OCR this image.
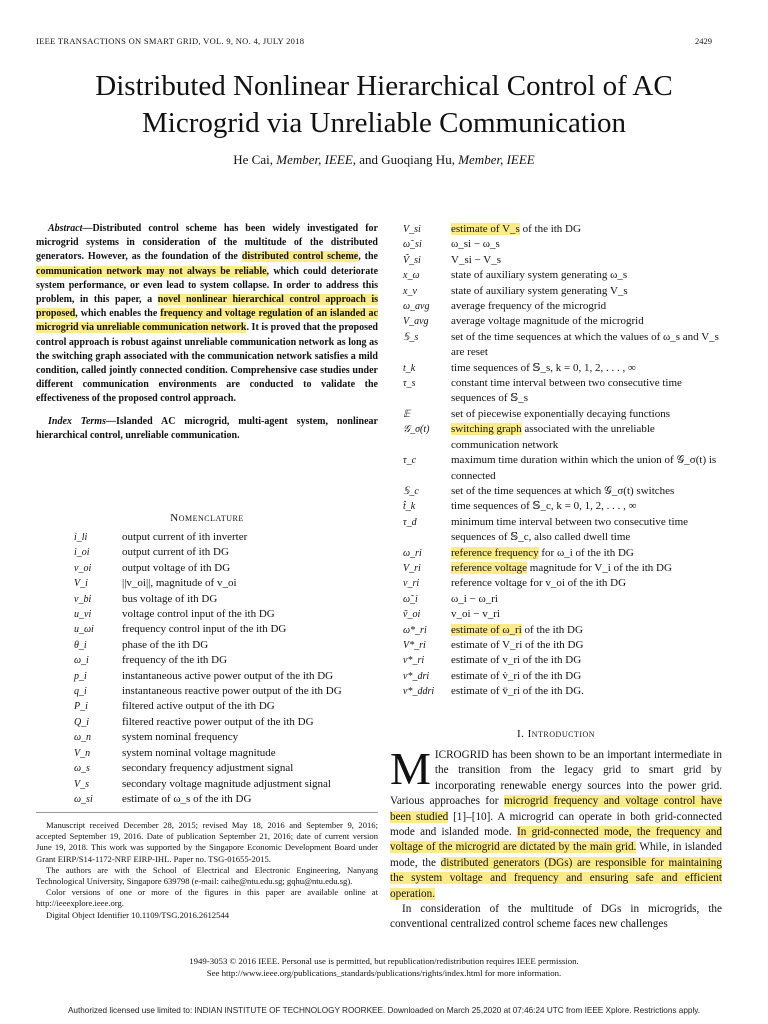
IEEE TRANSACTIONS ON SMART GRID, VOL. 9, NO. 4, JULY 2018	2429
Distributed Nonlinear Hierarchical Control of AC
Microgrid via Unreliable Communication
He Cai, Member, IEEE, and Guoqiang Hu, Member, IEEE

Abstract—Distributed control scheme has been widely investigated for microgrid systems in consideration of the multitude of the distributed generators. However, as the foundation of the distributed control scheme, the communication network may not always be reliable, which could deteriorate system performance, or even lead to system collapse. In order to address this problem, in this paper, a novel nonlinear hierarchical control approach is proposed, which enables the frequency and voltage regulation of an islanded ac microgrid via unreliable communication network. It is proved that the proposed control approach is robust against unreliable communication network as long as the switching graph associated with the communication network satisfies a mild condition, called jointly connected condition. Comprehensive case studies under different communication environments are conducted to validate the effectiveness of the proposed control approach.

Index Terms—Islanded AC microgrid, multi-agent system, nonlinear hierarchical control, unreliable communication.

Nomenclature
i_li	output current of ith inverter
i_oi	output current of ith DG
v_oi	output voltage of ith DG
V_i	||v_oi||, magnitude of v_oi
v_bi	bus voltage of ith DG
u_vi	voltage control input of the ith DG
u_ωi	frequency control input of the ith DG
θ_i	phase of the ith DG
ω_i	frequency of the ith DG
p_i	instantaneous active power output of the ith DG
q_i	instantaneous reactive power output of the ith DG
P_i	filtered active output of the ith DG
Q_i	filtered reactive power output of the ith DG
ω_n	system nominal frequency
V_n	system nominal voltage magnitude
ω_s	secondary frequency adjustment signal
V_s	secondary voltage magnitude adjustment signal
ω_si	estimate of ω_s of the ith DG
V_si	estimate of V_s of the ith DG
ω̃_si	ω_si − ω_s
Ṽ_si	V_si − V_s
x_ω	state of auxiliary system generating ω_s
x_v	state of auxiliary system generating V_s
ω_avg	average frequency of the microgrid
V_avg	average voltage magnitude of the microgrid
𝕊_s	set of the time sequences at which the values of ω_s and V_s are reset
t_k	time sequences of 𝕊_s, k = 0, 1, 2, . . . , ∞
τ_s	constant time interval between two consecutive time sequences of 𝕊_s
𝔼	set of piecewise exponentially decaying functions
𝒢_σ(t)	switching graph associated with the unreliable communication network
τ_c	maximum time duration within which the union of 𝒢_σ(t) is connected
𝕊_c	set of the time sequences at which 𝒢_σ(t) switches
t̂_k	time sequences of 𝕊_c, k = 0, 1, 2, . . . , ∞
τ_d	minimum time interval between two consecutive time sequences of 𝕊_c, also called dwell time
ω_ri	reference frequency for ω_i of the ith DG
V_ri	reference voltage magnitude for V_i of the ith DG
v_ri	reference voltage for v_oi of the ith DG
ω̃_i	ω_i − ω_ri
ṽ_oi	v_oi − v_ri
ω*_ri	estimate of ω_ri of the ith DG
V*_ri	estimate of V_ri of the ith DG
v*_ri	estimate of v_ri of the ith DG
v*_dri	estimate of v̇_ri of the ith DG
v*_ddri	estimate of v̈_ri of the ith DG.

Manuscript received December 28, 2015; revised May 18, 2016 and September 9, 2016; accepted September 19, 2016. Date of publication September 21, 2016; date of current version June 19, 2018. This work was supported by the Singapore Economic Development Board under Grant EIRP/S14-1172-NRF EIRP-IHL. Paper no. TSG-01655-2015.

The authors are with the School of Electrical and Electronic Engineering, Nanyang Technological University, Singapore 639798 (e-mail: caihe@ntu.edu.sg; gqhu@ntu.edu.sg).

Color versions of one or more of the figures in this paper are available online at http://ieeexplore.ieee.org.

Digital Object Identifier 10.1109/TSG.2016.2612544

I. Introduction

MICROGRID has been shown to be an important intermediate in the transition from the legacy grid to smart grid by incorporating renewable energy sources into the power grid. Various approaches for microgrid frequency and voltage control have been studied [1]–[10]. A microgrid can operate in both grid-connected mode and islanded mode. In grid-connected mode, the frequency and voltage of the microgrid are dictated by the main grid. While, in islanded mode, the distributed generators (DGs) are responsible for maintaining the system voltage and frequency and ensuring safe and efficient operation.

In consideration of the multitude of DGs in microgrids, the conventional centralized control scheme faces new challenges

1949-3053 © 2016 IEEE. Personal use is permitted, but republication/redistribution requires IEEE permission.
See http://www.ieee.org/publications_standards/publications/rights/index.html for more information.
Authorized licensed use limited to: INDIAN INSTITUTE OF TECHNOLOGY ROORKEE. Downloaded on March 25,2020 at 07:46:24 UTC from IEEE Xplore. Restrictions apply.
